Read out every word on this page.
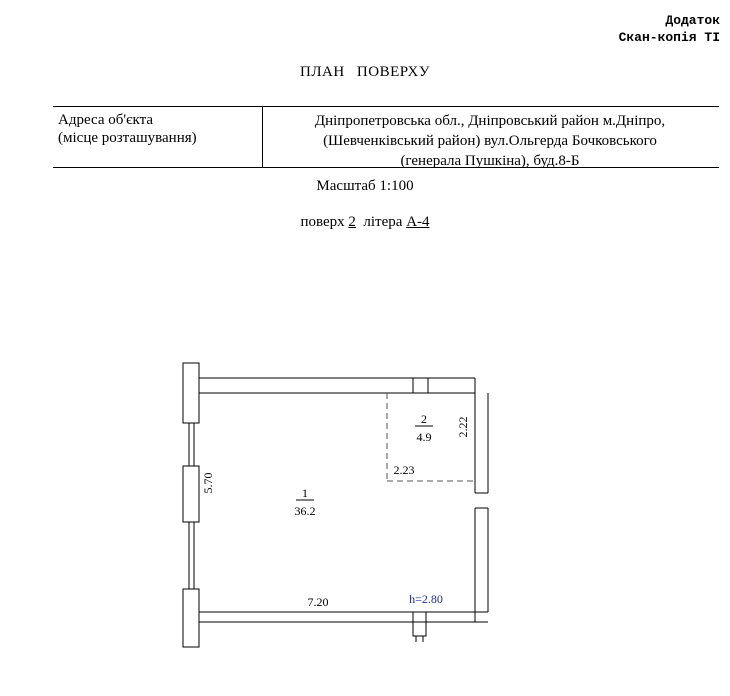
Додаток
Скан-копія ТІ
ПЛАН ПОВЕРХУ
Адреса об'єкта
(місце розташування)
Дніпропетровська обл., Дніпровський район м.Дніпро,
(Шевченківський район) вул.Ольгерда Бочковського
(генерала Пушкіна), буд.8-Б
Масштаб 1:100
поверх 2 літера А-4
1
36.2
2
4.9
5.70
2.23
2.22
7.20	h=2.80
